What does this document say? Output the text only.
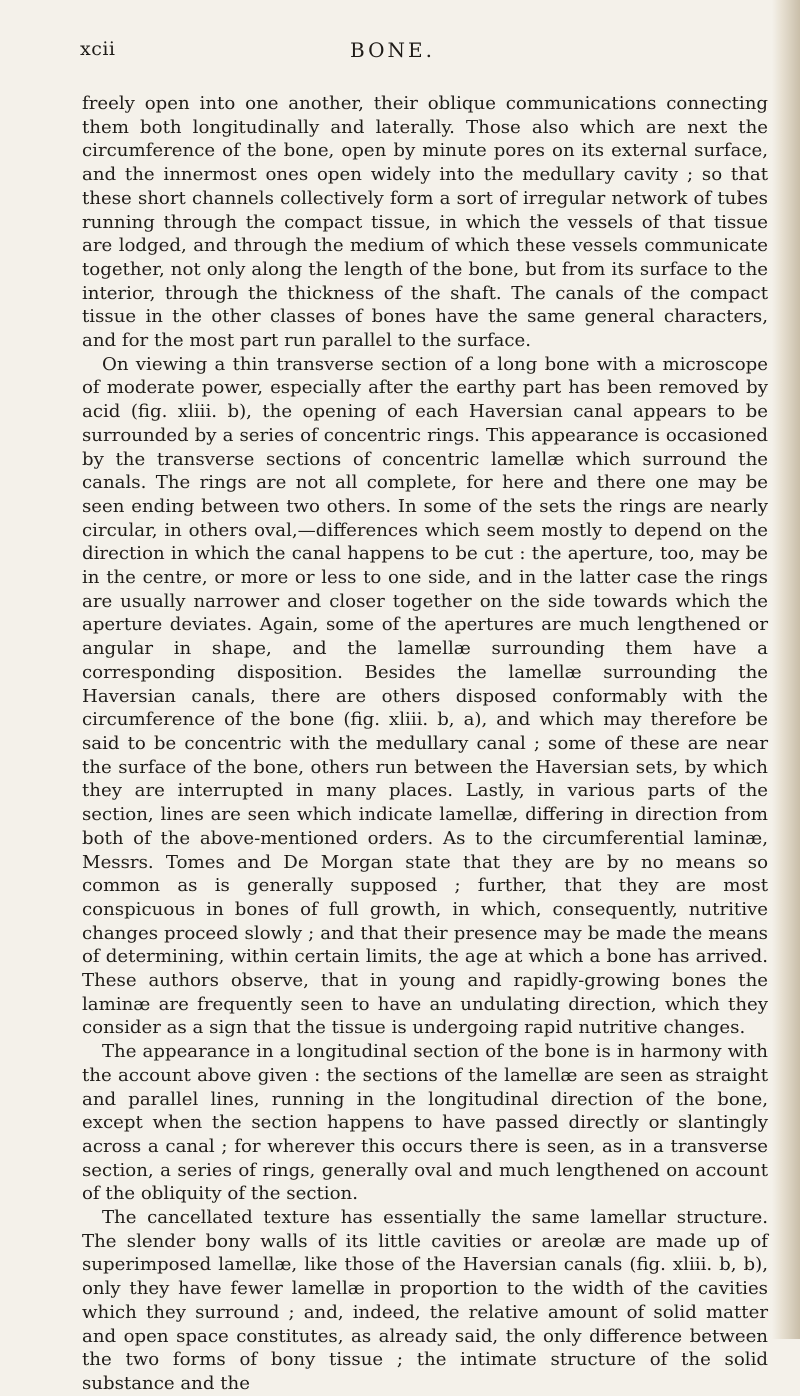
xcii	BONE.

freely open into one another, their oblique communications connecting them both longitudinally and laterally. Those also which are next the circumference of the bone, open by minute pores on its external surface, and the innermost ones open widely into the medullary cavity ; so that these short channels collectively form a sort of irregular network of tubes running through the compact tissue, in which the vessels of that tissue are lodged, and through the medium of which these vessels communicate together, not only along the length of the bone, but from its surface to the interior, through the thickness of the shaft. The canals of the compact tissue in the other classes of bones have the same general characters, and for the most part run parallel to the surface.

On viewing a thin transverse section of a long bone with a microscope of moderate power, especially after the earthy part has been removed by acid (fig. xliii. b), the opening of each Haversian canal appears to be surrounded by a series of concentric rings. This appearance is occasioned by the transverse sections of concentric lamellæ which surround the canals. The rings are not all complete, for here and there one may be seen ending between two others. In some of the sets the rings are nearly circular, in others oval,—differences which seem mostly to depend on the direction in which the canal happens to be cut : the aperture, too, may be in the centre, or more or less to one side, and in the latter case the rings are usually narrower and closer together on the side towards which the aperture deviates. Again, some of the apertures are much lengthened or angular in shape, and the lamellæ surrounding them have a corresponding disposition. Besides the lamellæ surrounding the Haversian canals, there are others disposed conformably with the circumference of the bone (fig. xliii. b, a), and which may therefore be said to be concentric with the medullary canal ; some of these are near the surface of the bone, others run between the Haversian sets, by which they are interrupted in many places. Lastly, in various parts of the section, lines are seen which indicate lamellæ, differing in direction from both of the above-mentioned orders. As to the circumferential laminæ, Messrs. Tomes and De Morgan state that they are by no means so common as is generally supposed ; further, that they are most conspicuous in bones of full growth, in which, consequently, nutritive changes proceed slowly ; and that their presence may be made the means of determining, within certain limits, the age at which a bone has arrived. These authors observe, that in young and rapidly-growing bones the laminæ are frequently seen to have an undulating direction, which they consider as a sign that the tissue is undergoing rapid nutritive changes.

The appearance in a longitudinal section of the bone is in harmony with the account above given : the sections of the lamellæ are seen as straight and parallel lines, running in the longitudinal direction of the bone, except when the section happens to have passed directly or slantingly across a canal ; for wherever this occurs there is seen, as in a transverse section, a series of rings, generally oval and much lengthened on account of the obliquity of the section.

The cancellated texture has essentially the same lamellar structure. The slender bony walls of its little cavities or areolæ are made up of superimposed lamellæ, like those of the Haversian canals (fig. xliii. b, b), only they have fewer lamellæ in proportion to the width of the cavities which they surround ; and, indeed, the relative amount of solid matter and open space constitutes, as already said, the only difference between the two forms of bony tissue ; the intimate structure of the solid substance and the
